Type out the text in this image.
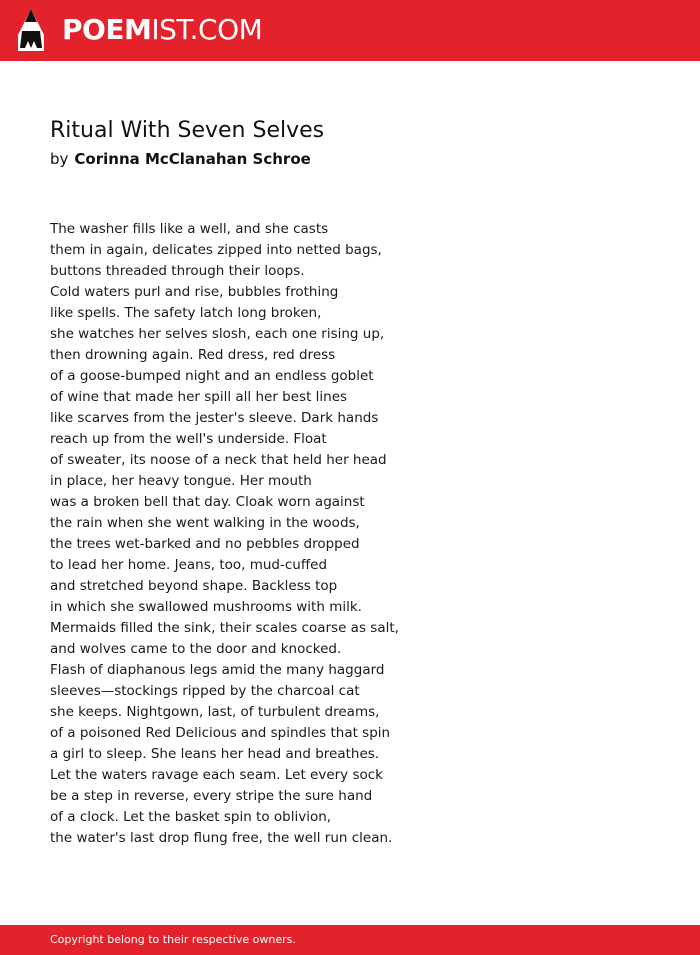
POEMIST.COM
Ritual With Seven Selves
by Corinna McClanahan Schroe
The washer fills like a well, and she casts
them in again, delicates zipped into netted bags,
buttons threaded through their loops.
Cold waters purl and rise, bubbles frothing
like spells. The safety latch long broken,
she watches her selves slosh, each one rising up,
then drowning again. Red dress, red dress
of a goose-bumped night and an endless goblet
of wine that made her spill all her best lines
like scarves from the jester's sleeve. Dark hands
reach up from the well's underside. Float
of sweater, its noose of a neck that held her head
in place, her heavy tongue. Her mouth
was a broken bell that day. Cloak worn against
the rain when she went walking in the woods,
the trees wet-barked and no pebbles dropped
to lead her home. Jeans, too, mud-cuffed
and stretched beyond shape. Backless top
in which she swallowed mushrooms with milk.
Mermaids filled the sink, their scales coarse as salt,
and wolves came to the door and knocked.
Flash of diaphanous legs amid the many haggard
sleeves—stockings ripped by the charcoal cat
she keeps. Nightgown, last, of turbulent dreams,
of a poisoned Red Delicious and spindles that spin
a girl to sleep. She leans her head and breathes.
Let the waters ravage each seam. Let every sock
be a step in reverse, every stripe the sure hand
of a clock. Let the basket spin to oblivion,
the water's last drop flung free, the well run clean.
Copyright belong to their respective owners.
